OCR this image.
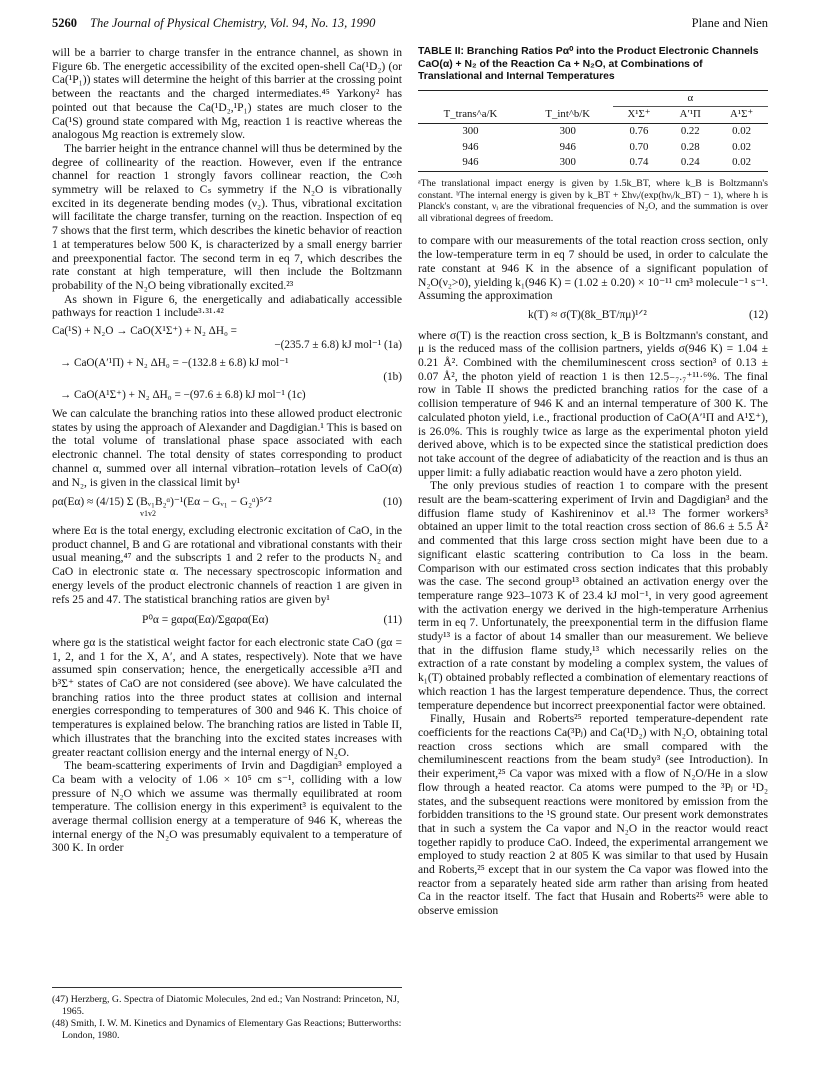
5260 The Journal of Physical Chemistry, Vol. 94, No. 13, 1990	Plane and Nien

will be a barrier to charge transfer in the entrance channel, as shown in Figure 6b. The energetic accessibility of the excited open-shell Ca(¹D₂) (or Ca(¹P₁)) states will determine the height of this barrier at the crossing point between the reactants and the charged intermediates.⁴⁵ Yarkony² has pointed out that because the Ca(¹D₂,¹P₁) states are much closer to the Ca(¹S) ground state compared with Mg, reaction 1 is reactive whereas the analogous Mg reaction is extremely slow.

The barrier height in the entrance channel will thus be determined by the degree of collinearity of the reaction. However, even if the entrance channel for reaction 1 strongly favors collinear reaction, the C∞h symmetry will be relaxed to Cₛ symmetry if the N₂O is vibrationally excited in its degenerate bending modes (ν₂). Thus, vibrational excitation will facilitate the charge transfer, turning on the reaction. Inspection of eq 7 shows that the first term, which describes the kinetic behavior of reaction 1 at temperatures below 500 K, is characterized by a small energy barrier and preexponential factor. The second term in eq 7, which describes the rate constant at high temperature, will then include the Boltzmann probability of the N₂O being vibrationally excited.²³

As shown in Figure 6, the energetically and adiabatically accessible pathways for reaction 1 include³·³¹·⁴²

Ca(¹S) + N₂O → CaO(X¹Σ⁺) + N₂ ΔH₀ =
−(235.7 ± 6.8) kJ mol⁻¹ (1a)
→ CaO(A′¹Π) + N₂ ΔH₀ = −(132.8 ± 6.8) kJ mol⁻¹
(1b)
→ CaO(A¹Σ⁺) + N₂ ΔH₀ = −(97.6 ± 6.8) kJ mol⁻¹ (1c)

We can calculate the branching ratios into these allowed product electronic states by using the approach of Alexander and Dagdigian.¹ This is based on the total volume of translational phase space associated with each electronic channel. The total density of states corresponding to product channel α, summed over all internal vibration–rotation levels of CaO(α) and N₂, is given in the classical limit by¹

ρα(Eα) ≈ (4/15) Σ (Bᵥ₁B₂ᵅ)⁻¹(Eα − Gᵥ₁ − G₂ᵅ)⁵ᐟ²
v1v2
(10)

where Eα is the total energy, excluding electronic excitation of CaO, in the product channel, B and G are rotational and vibrational constants with their usual meaning,⁴⁷ and the subscripts 1 and 2 refer to the products N₂ and CaO in electronic state α. The necessary spectroscopic information and energy levels of the product electronic channels of reaction 1 are given in refs 25 and 47. The statistical branching ratios are given by¹

P⁰α = gαρα(Eα)/Σgαρα(Eα)	(11)

where gα is the statistical weight factor for each electronic state CaO (gα = 1, 2, and 1 for the X, A′, and A states, respectively). Note that we have assumed spin conservation; hence, the energetically accessible a³Π and b³Σ⁺ states of CaO are not considered (see above). We have calculated the branching ratios into the three product states at collision and internal energies corresponding to temperatures of 300 and 946 K. This choice of temperatures is explained below. The branching ratios are listed in Table II, which illustrates that the branching into the excited states increases with greater reactant collision energy and the internal energy of N₂O.

The beam-scattering experiments of Irvin and Dagdigian³ employed a Ca beam with a velocity of 1.06 × 10⁵ cm s⁻¹, colliding with a low pressure of N₂O which we assume was thermally equilibrated at room temperature. The collision energy in this experiment³ is equivalent to the average thermal collision energy at a temperature of 946 K, whereas the internal energy of the N₂O was presumably equivalent to a temperature of 300 K. In order

(47) Herzberg, G. Spectra of Diatomic Molecules, 2nd ed.; Van Nostrand: Princeton, NJ, 1965.

(48) Smith, I. W. M. Kinetics and Dynamics of Elementary Gas Reactions; Butterworths: London, 1980.

TABLE II: Branching Ratios Pα⁰ into the Product Electronic Channels CaO(α) + N₂ of the Reaction Ca + N₂O, at Combinations of Translational and Internal Temperatures
		α		
T_trans^a/K	T_int^b/K	X¹Σ⁺	A′¹Π	A¹Σ⁺
300	300	0.76	0.22	0.02
946	946	0.70	0.28	0.02
946	300	0.74	0.24	0.02
ᵃThe translational impact energy is given by 1.5k_BT, where k_B is Boltzmann's constant. ᵇThe internal energy is given by k_BT + Σhνᵢ/(exp(hνᵢ/k_BT) − 1), where h is Planck's constant, νᵢ are the vibrational frequencies of N₂O, and the summation is over all vibrational degrees of freedom.

to compare with our measurements of the total reaction cross section, only the low-temperature term in eq 7 should be used, in order to calculate the rate constant at 946 K in the absence of a significant population of N₂O(ν₂>0), yielding k₁(946 K) = (1.02 ± 0.20) × 10⁻¹¹ cm³ molecule⁻¹ s⁻¹. Assuming the approximation

k(T) ≈ σ(T)(8k_BT/πμ)¹ᐟ²	(12)

where σ(T) is the reaction cross section, k_B is Boltzmann's constant, and μ is the reduced mass of the collision partners, yields σ(946 K) = 1.04 ± 0.21 Å². Combined with the chemiluminescent cross section³ of 0.13 ± 0.07 Å², the photon yield of reaction 1 is then 12.5₋₇.₇⁺¹¹·⁶%. The final row in Table II shows the predicted branching ratios for the case of a collision temperature of 946 K and an internal temperature of 300 K. The calculated photon yield, i.e., fractional production of CaO(A′¹Π and A¹Σ⁺), is 26.0%. This is roughly twice as large as the experimental photon yield derived above, which is to be expected since the statistical prediction does not take account of the degree of adiabaticity of the reaction and is thus an upper limit: a fully adiabatic reaction would have a zero photon yield.

The only previous studies of reaction 1 to compare with the present result are the beam-scattering experiment of Irvin and Dagdigian³ and the diffusion flame study of Kashireninov et al.¹³ The former workers³ obtained an upper limit to the total reaction cross section of 86.6 ± 5.5 Å² and commented that this large cross section might have been due to a significant elastic scattering contribution to Ca loss in the beam. Comparison with our estimated cross section indicates that this probably was the case. The second group¹³ obtained an activation energy over the temperature range 923–1073 K of 23.4 kJ mol⁻¹, in very good agreement with the activation energy we derived in the high-temperature Arrhenius term in eq 7. Unfortunately, the preexponential term in the diffusion flame study¹³ is a factor of about 14 smaller than our measurement. We believe that in the diffusion flame study,¹³ which necessarily relies on the extraction of a rate constant by modeling a complex system, the values of k₁(T) obtained probably reflected a combination of elementary reactions of which reaction 1 has the largest temperature dependence. Thus, the correct temperature dependence but incorrect preexponential factor were obtained.

Finally, Husain and Roberts²⁵ reported temperature-dependent rate coefficients for the reactions Ca(³Pⱼ) and Ca(¹D₂) with N₂O, obtaining total reaction cross sections which are small compared with the chemiluminescent reactions from the beam study³ (see Introduction). In their experiment,²⁵ Ca vapor was mixed with a flow of N₂O/He in a slow flow through a heated reactor. Ca atoms were pumped to the ³Pⱼ or ¹D₂ states, and the subsequent reactions were monitored by emission from the forbidden transitions to the ¹S ground state. Our present work demonstrates that in such a system the Ca vapor and N₂O in the reactor would react together rapidly to produce CaO. Indeed, the experimental arrangement we employed to study reaction 2 at 805 K was similar to that used by Husain and Roberts,²⁵ except that in our system the Ca vapor was flowed into the reactor from a separately heated side arm rather than arising from heated Ca in the reactor itself. The fact that Husain and Roberts²⁵ were able to observe emission
